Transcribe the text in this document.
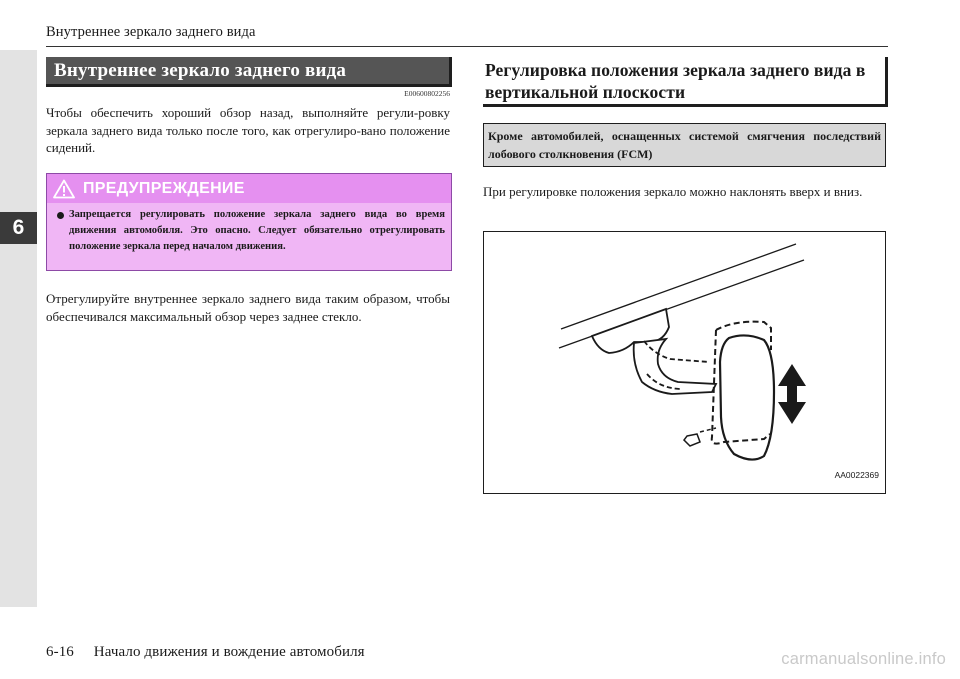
6
Внутреннее зеркало заднего вида
Внутреннее зеркало заднего вида
E00600802256
Чтобы обеспечить хороший обзор назад, выполняйте регули-ровку зеркала заднего вида только после того, как отрегулиро-вано положение сидений.
ПРЕДУПРЕЖДЕНИЕ
Запрещается регулировать положение зеркала заднего вида во время движения автомобиля. Это опасно. Следует обязательно отрегулировать положение зеркала перед началом движения.
Отрегулируйте внутреннее зеркало заднего вида таким образом, чтобы обеспечивался максимальный обзор через заднее стекло.
Регулировка положения зеркала заднего вида в вертикальной плоскости
Кроме автомобилей, оснащенных системой смягчения последствий лобового столкновения (FCM)
При регулировке положения зеркало можно наклонять вверх и вниз.
AA0022369
6-16 Начало движения и вождение автомобиля	carmanualsonline.info
